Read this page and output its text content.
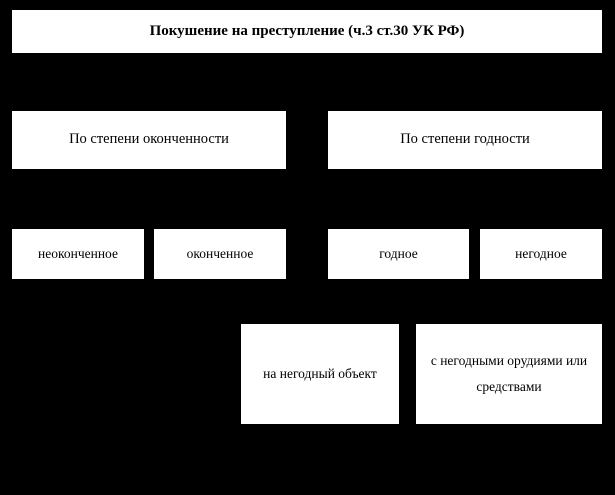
Покушение на преступление (ч.3 ст.30 УК РФ)
По степени оконченности	По степени годности
неоконченное	оконченное	годное	негодное
на негодный объект
с негодными орудиями или средствами
